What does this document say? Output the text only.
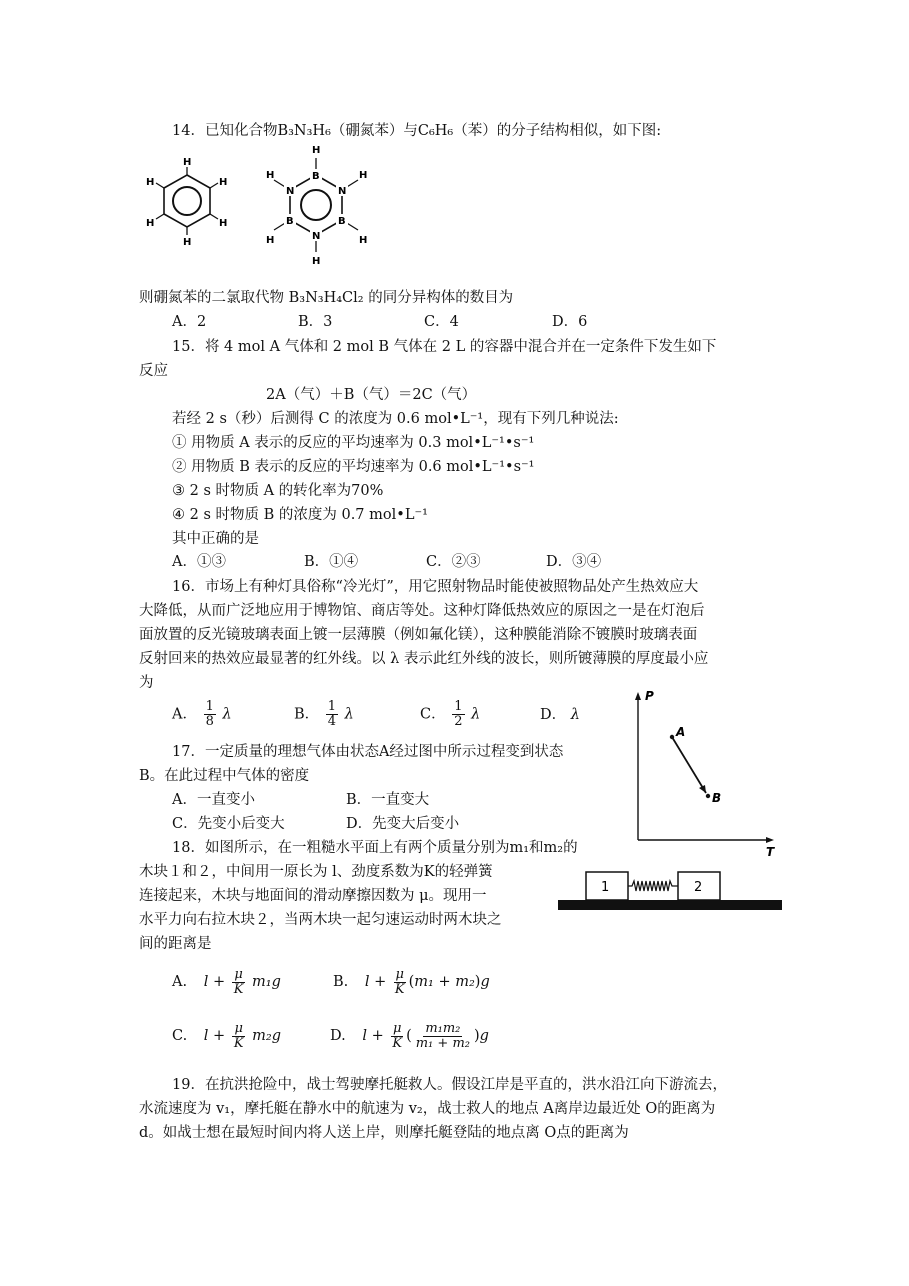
14．已知化合物B₃N₃H₆（硼氮苯）与C₆H₆（苯）的分子结构相似，如下图:
H
H
H
H
H
H
H
B
N
N
B
H
B
H
N
H
H
H
则硼氮苯的二氯取代物 B₃N₃H₄Cl₂ 的同分异构体的数目为
A．2	B．3	C．4	D．6
15．将 4 mol A 气体和 2 mol B 气体在 2 L 的容器中混合并在一定条件下发生如下
反应
2A（气）＋B（气）＝2C（气）
若经 2 s（秒）后测得 C 的浓度为 0.6 mol•L⁻¹，现有下列几种说法:
① 用物质 A 表示的反应的平均速率为 0.3 mol•L⁻¹•s⁻¹
② 用物质 B 表示的反应的平均速率为 0.6 mol•L⁻¹•s⁻¹
③ 2 s 时物质 A 的转化率为70%
④ 2 s 时物质 B 的浓度为 0.7 mol•L⁻¹
其中正确的是
A．①③	B．①④	C．②③	D．③④
16．市场上有种灯具俗称“冷光灯”，用它照射物品时能使被照物品处产生热效应大
大降低，从而广泛地应用于博物馆、商店等处。这种灯降低热效应的原因之一是在灯泡后
面放置的反光镜玻璃表面上镀一层薄膜（例如氟化镁），这种膜能消除不镀膜时玻璃表面
反射回来的热效应最显著的红外线。以 λ 表示此红外线的波长，则所镀薄膜的厚度最小应
为
A． $\frac{1}{8}$ λ	B． $\frac{1}{4}$ λ	C． $\frac{1}{2}$ λ	D． λ
17．一定质量的理想气体由状态A经过图中所示过程变到状态
B。在此过程中气体的密度
A．一直变小	B．一直变大
C．先变小后变大	D．先变大后变小
P
T
A
B
18．如图所示，在一粗糙水平面上有两个质量分别为m₁和m₂的
木块１和２，中间用一原长为 l、劲度系数为K的轻弹簧
连接起来，木块与地面间的滑动摩擦因数为 μ。现用一
水平力向右拉木块２，当两木块一起匀速运动时两木块之
间的距离是
1	2
A. $l + \frac{\mu}{K} m_1g$	B. $l + \frac{\mu}{K} (m_1 + m_2)g$
C. $l + \frac{\mu}{K} m_2g$	D. $l + \frac{\mu}{K}$ ( $\frac{\text{m₁m₂}}{\text{m₁ + m₂}} )g$
19．在抗洪抢险中，战士驾驶摩托艇救人。假设江岸是平直的，洪水沿江向下游流去，
水流速度为 v₁，摩托艇在静水中的航速为 v₂，战士救人的地点 A离岸边最近处 O的距离为
d。如战士想在最短时间内将人送上岸，则摩托艇登陆的地点离 O点的距离为
